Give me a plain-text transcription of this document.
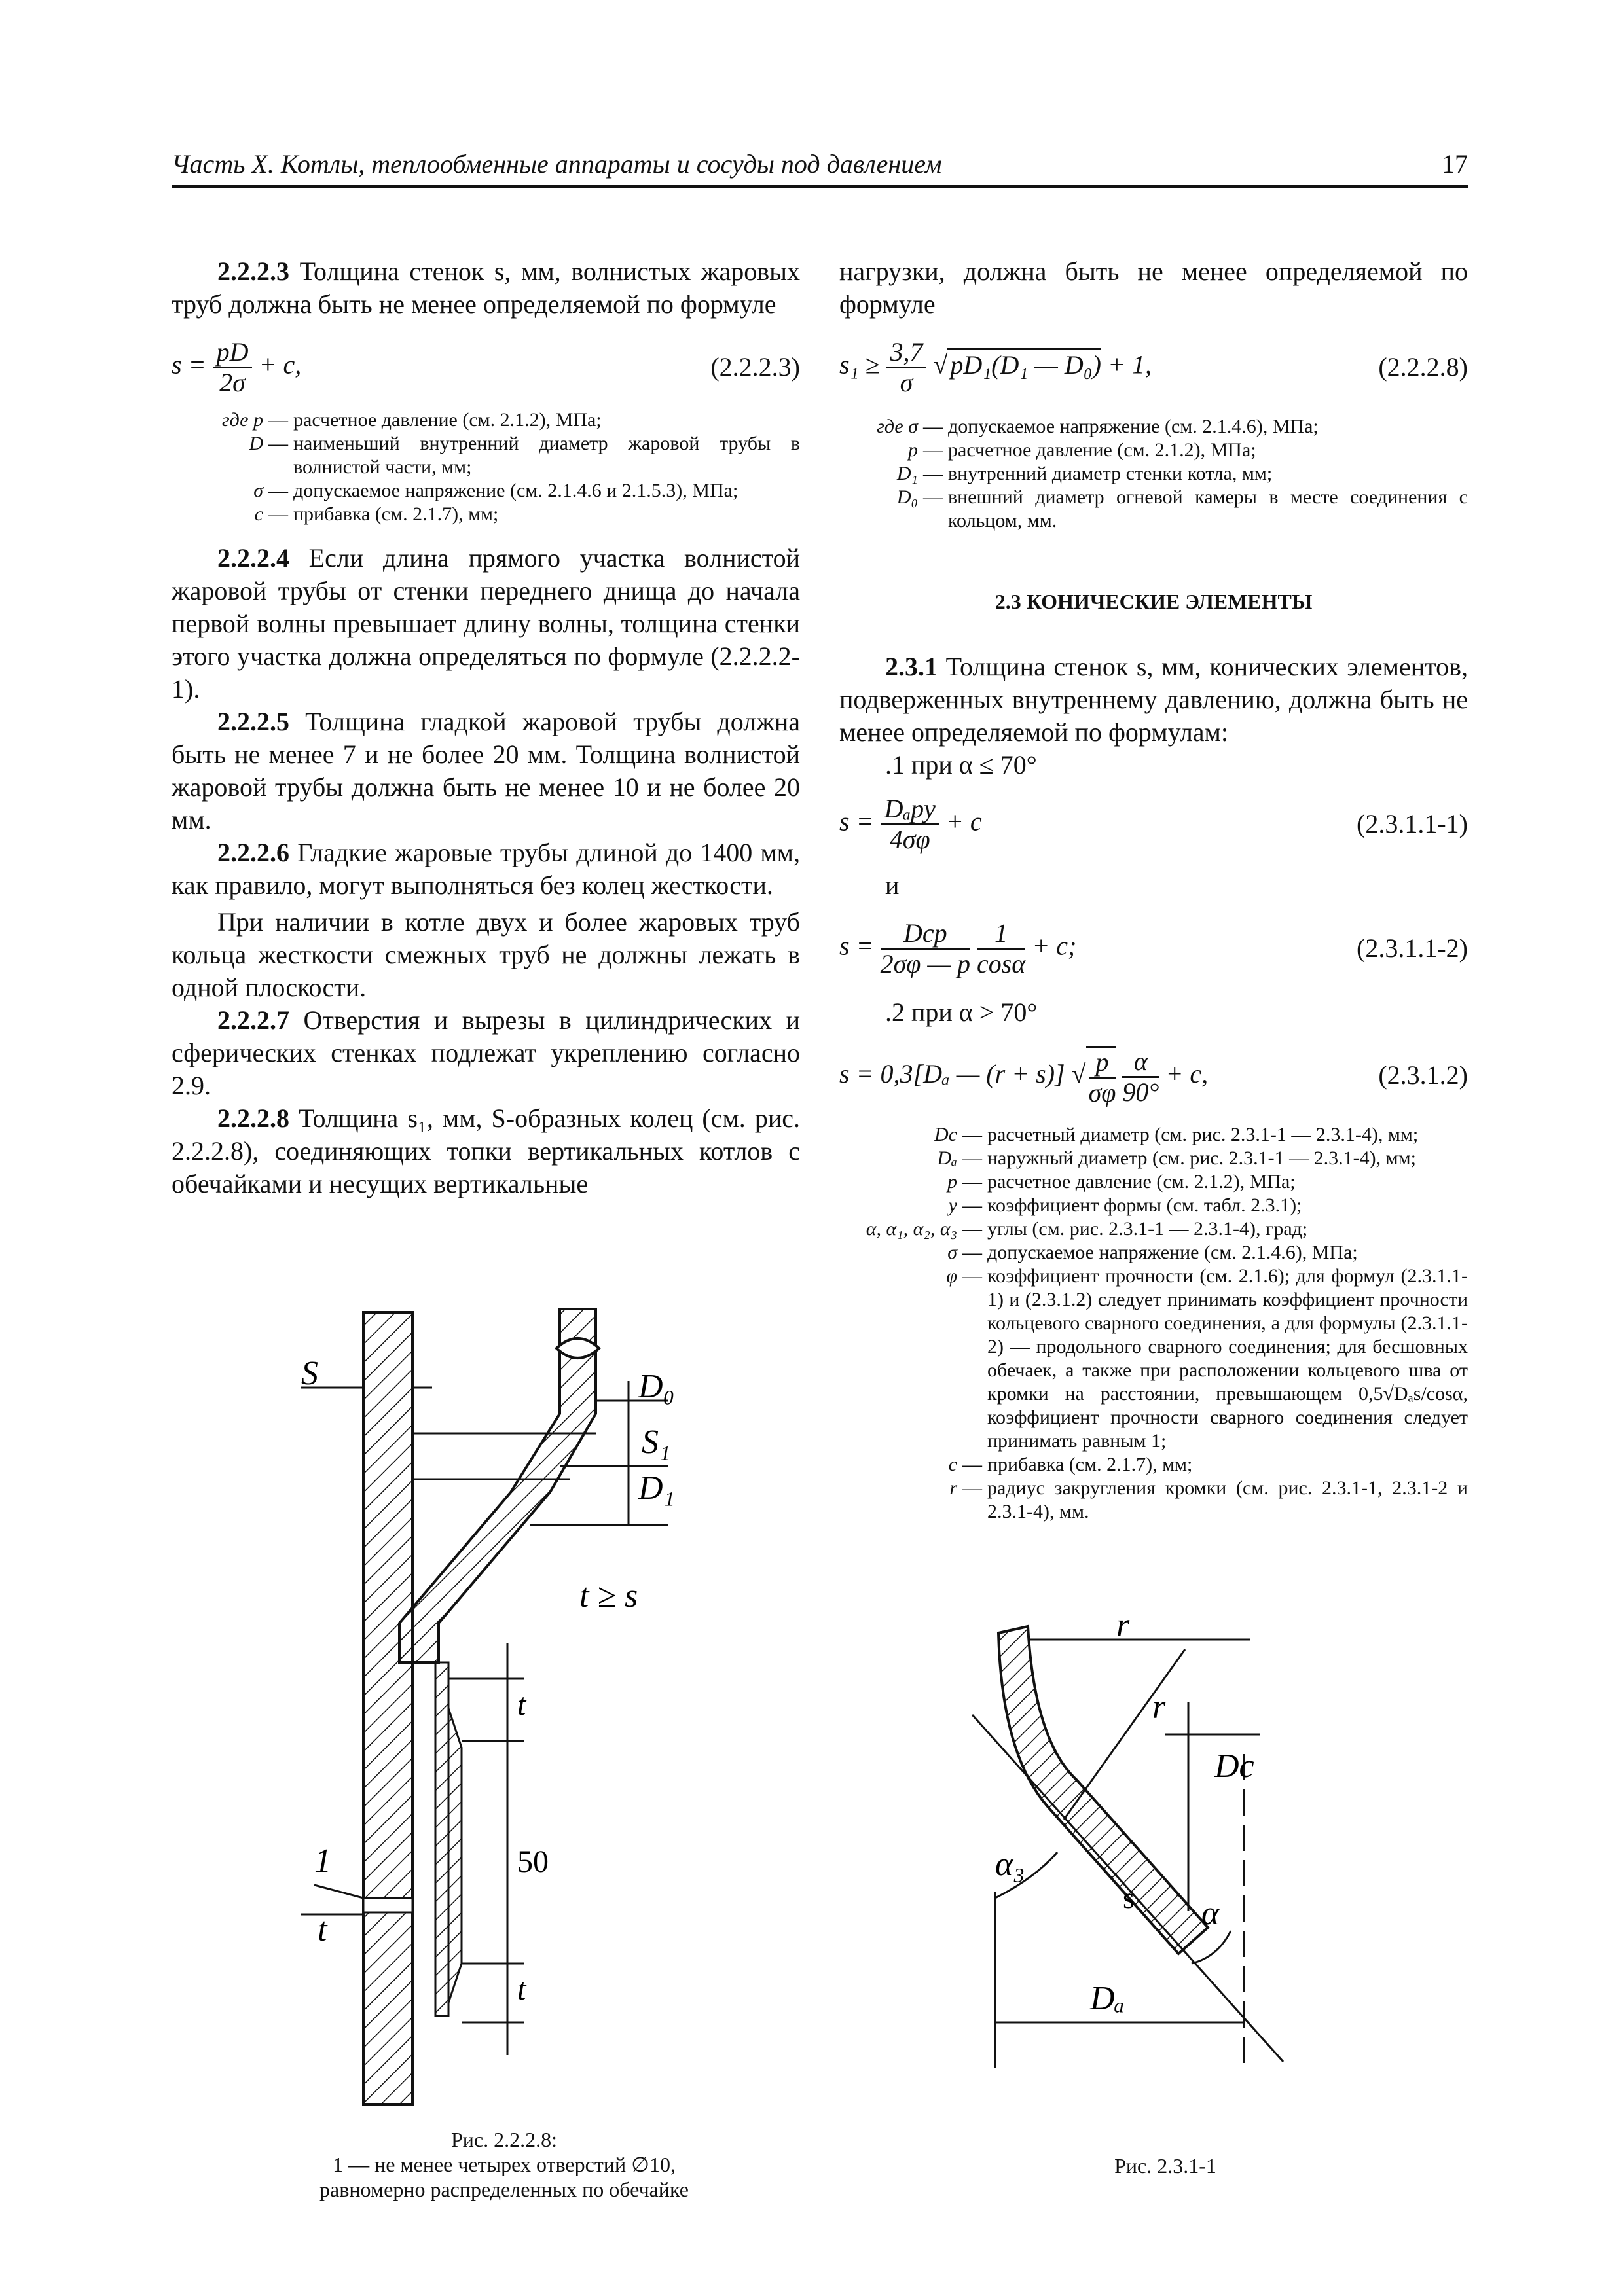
Часть X. Котлы, теплообменные аппараты и сосуды под давлением	17

2.2.2.3 Толщина стенок s, мм, волнистых жаровых труб должна быть не менее определяемой по формуле

$s = \frac{pD}{2\sigma} + c$,	(2.2.2.3)
где p — расчетное давление (см. 2.1.2), МПа;
D — наименьший внутренний диаметр жаровой трубы в волнистой части, мм;
σ — допускаемое напряжение (см. 2.1.4.6 и 2.1.5.3), МПа;
c — прибавка (см. 2.1.7), мм;

2.2.2.4 Если длина прямого участка волнистой жаровой трубы от стенки переднего днища до начала первой волны превышает длину волны, толщина стенки этого участка должна определяться по формуле (2.2.2.2-1).

2.2.2.5 Толщина гладкой жаровой трубы должна быть не менее 7 и не более 20 мм. Толщина волнистой жаровой трубы должна быть не менее 10 и не более 20 мм.

2.2.2.6 Гладкие жаровые трубы длиной до 1400 мм, как правило, могут выполняться без колец жесткости.

При наличии в котле двух и более жаровых труб кольца жесткости смежных труб не должны лежать в одной плоскости.

2.2.2.7 Отверстия и вырезы в цилиндрических и сферических стенках подлежат укреплению согласно 2.9.

2.2.2.8 Толщина s₁, мм, S-образных колец (см. рис. 2.2.2.8), соединяющих топки вертикальных котлов с обечайками и несущих вертикальные

S	D₀
S₁
D₁
t ≥ s
1
t
t
50
t
Рис. 2.2.2.8:
1 — не менее четырех отверстий ∅10,
равномерно распределенных по обечайке

нагрузки, должна быть не менее определяемой по формуле

$s_1 \ge \frac{3,7}{\sigma}$ √ pD₁(D₁ — D₀) + 1,	(2.2.2.8)
где σ — допускаемое напряжение (см. 2.1.4.6), МПа;
p — расчетное давление (см. 2.1.2), МПа;
D₁ — внутренний диаметр стенки котла, мм;
D₀ — внешний диаметр огневой камеры в месте соединения с кольцом, мм.
2.3 КОНИЧЕСКИЕ ЭЛЕМЕНТЫ

2.3.1 Толщина стенок s, мм, конических элементов, подверженных внутреннему давлению, должна быть не менее определяемой по формулам:

.1 при α ≤ 70°

$s = \frac{\text{Dₐpy}}{4\sigma\varphi} + c$	(2.3.1.1-1)

и

$s = \frac{\text{Dcp}}{2\sigma\varphi — p}$
$\frac{1}{\cos\alpha} + c$;	(2.3.1.1-2)

.2 при α > 70°

s = 0,3[Dₐ — (r + s)] √ $\frac{p}{\sigma\varphi}$
$\frac{\alpha}{90^\circ} + c$,	(2.3.1.2)
Dc — расчетный диаметр (см. рис. 2.3.1-1 — 2.3.1-4), мм;
Dₐ — наружный диаметр (см. рис. 2.3.1-1 — 2.3.1-4), мм;
p — расчетное давление (см. 2.1.2), МПа;
y — коэффициент формы (см. табл. 2.3.1);
α, α₁, α₂, α₃ — углы (см. рис. 2.3.1-1 — 2.3.1-4), град;
σ — допускаемое напряжение (см. 2.1.4.6), МПа;
φ — коэффициент прочности (см. 2.1.6); для формул (2.3.1.1-1) и (2.3.1.2) следует принимать коэффициент прочности кольцевого сварного соединения, а для формулы (2.3.1.1-2) — продольного сварного соединения; для бесшовных обечаек, а также при расположении кольцевого шва от кромки на расстоянии, превышающем 0,5√Dₐs/cosα, коэффициент прочности сварного соединения следует принимать равным 1;
c — прибавка (см. 2.1.7), мм;
r — радиус закругления кромки (см. рис. 2.3.1-1, 2.3.1-2 и 2.3.1-4), мм.
r
r
Dc
α₃
s α
Dₐ
Рис. 2.3.1-1
